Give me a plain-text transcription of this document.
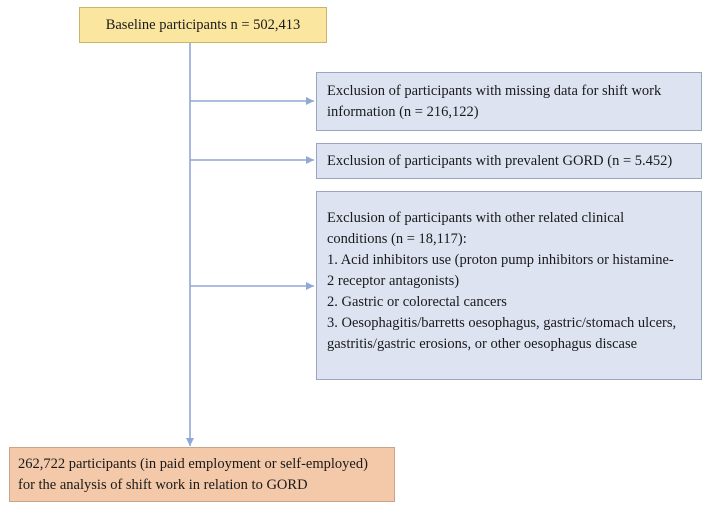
Baseline participants n = 502,413
Exclusion of participants with missing data for shift work
information (n = 216,122)
Exclusion of participants with prevalent GORD (n = 5.452)
Exclusion of participants with other related clinical
conditions (n = 18,117):
1. Acid inhibitors use (proton pump inhibitors or histamine-
2 receptor antagonists)
2. Gastric or colorectal cancers
3. Oesophagitis/barretts oesophagus, gastric/stomach ulcers,
gastritis/gastric erosions, or other oesophagus discase
262,722 participants (in paid employment or self-employed)
for the analysis of shift work in relation to GORD
